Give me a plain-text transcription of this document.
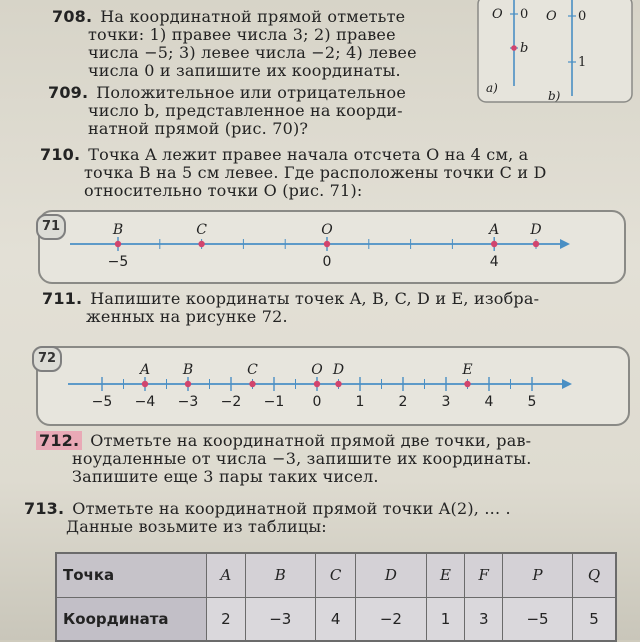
708. На координатной прямой отметьте
точки: 1) правее числа 3; 2) правее
числа −5; 3) левее числа −2; 4) левее
числа 0 и запишите их координаты.
709. Положительное или отрицательное
число b, представленное на коорди-
натной прямой (рис. 70)?
O 0
b
a)
O 0
1
b)
710. Точка A лежит правее начала отсчета O на 4 см, а
точка B на 5 см левее. Где расположены точки C и D
относительно точки O (рис. 71):
71
−5	0	4
B	C	O	A D
711. Напишите координаты точек A, B, C, D и E, изобра-
женных на рисунке 72.
72
−5 −4 −3 −2 −1 0 1 2 3 4 5
A B	C	O D	E
712. Отметьте на координатной прямой две точки, рав-
ноудаленные от числа −3, запишите их координаты.
Запишите еще 3 пары таких чисел.
713. Отметьте на координатной прямой точки A(2), ... .
Данные возьмите из таблицы:
Точка	A	B	C	D	E	F	P	Q
Координата	2	−3	4	−2	1	3	−5	5
